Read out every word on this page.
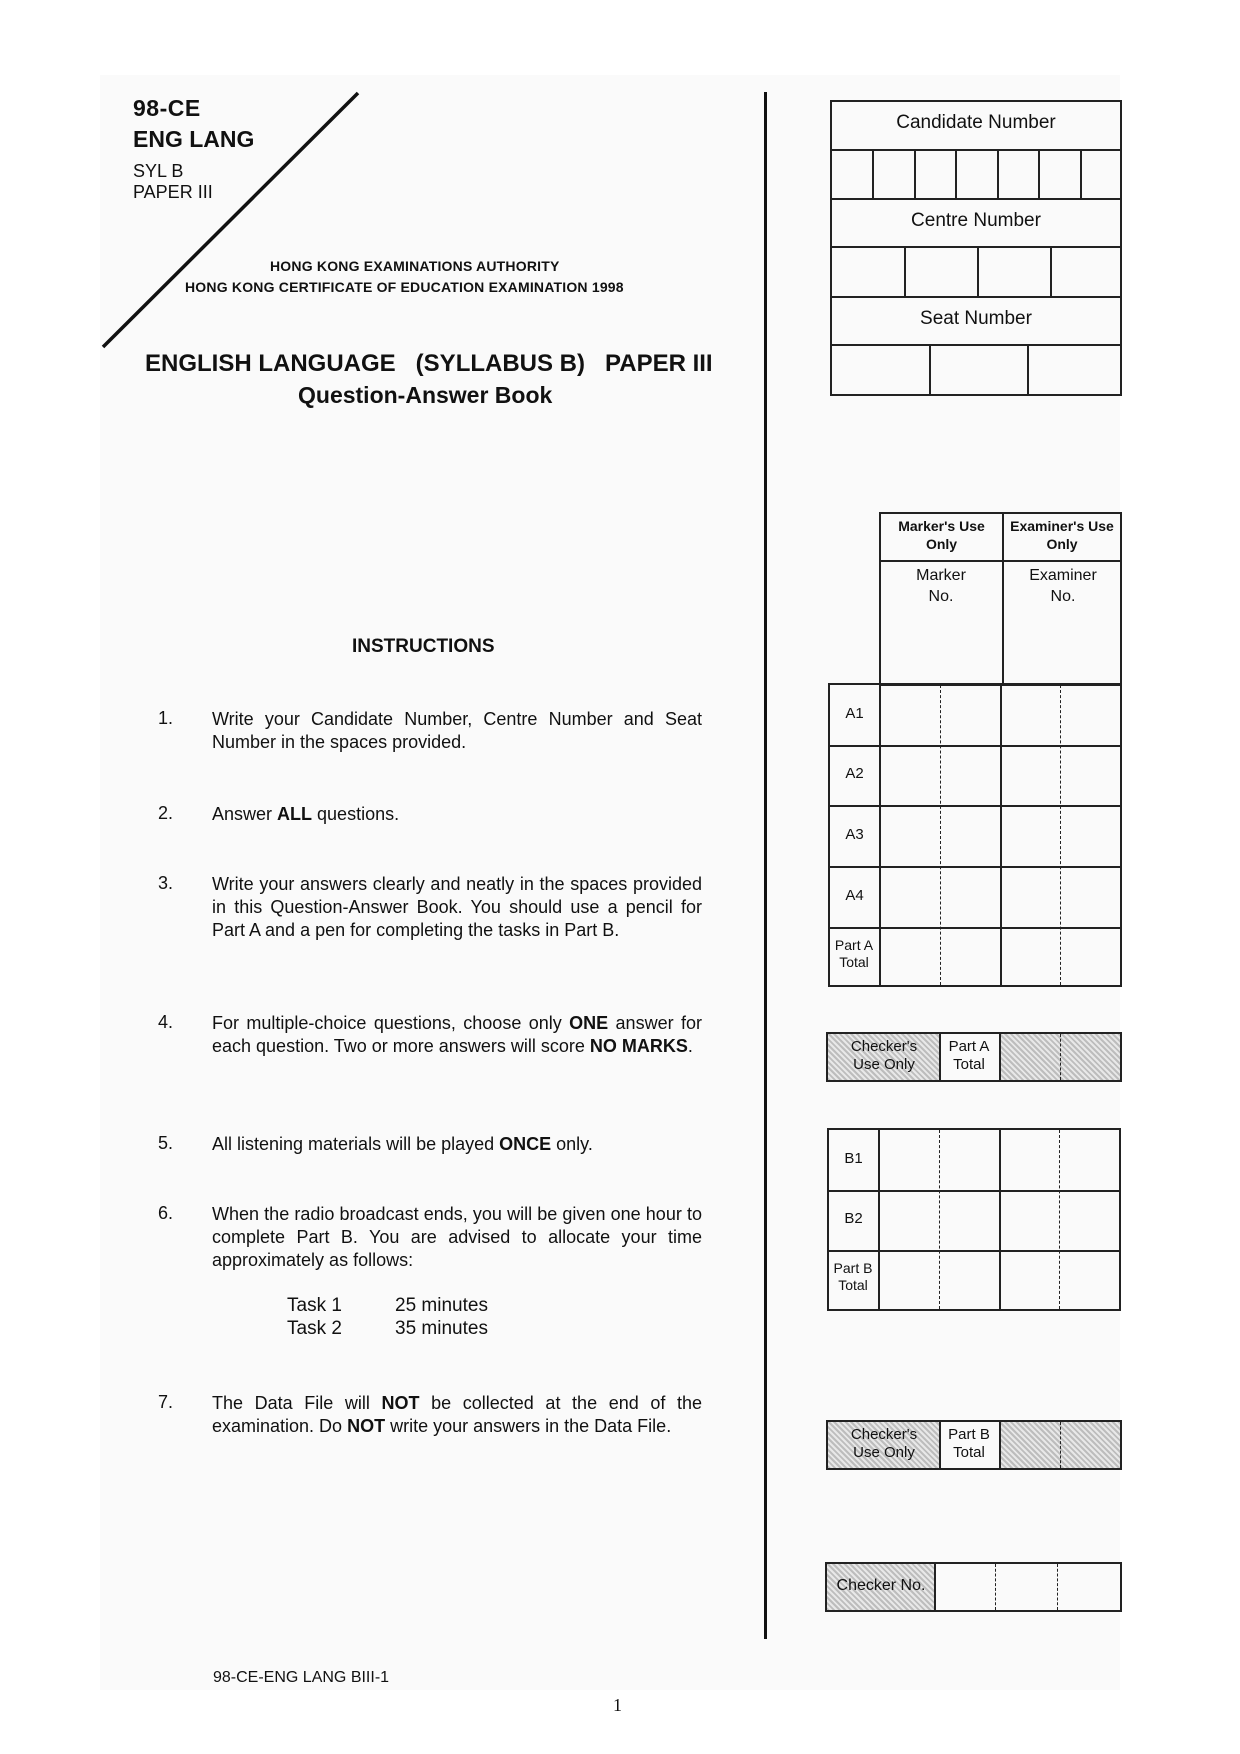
98-CE
ENG LANG
SYL B
PAPER III
HONG KONG EXAMINATIONS AUTHORITY
HONG KONG CERTIFICATE OF EDUCATION EXAMINATION 1998
ENGLISH LANGUAGE   (SYLLABUS B)   PAPER III
Question-Answer Book
INSTRUCTIONS
1. Write your Candidate Number, Centre Number and Seat Number in the spaces provided.
2. Answer ALL questions.
3. Write your answers clearly and neatly in the spaces provided in this Question-Answer Book. You should use a pencil for Part A and a pen for completing the tasks in Part B.
4. For multiple-choice questions, choose only ONE answer for each question. Two or more answers will score NO MARKS.
5. All listening materials will be played ONCE only.
6. When the radio broadcast ends, you will be given one hour to complete Part B. You are advised to allocate your time approximately as follows:
Task 1	25 minutes
Task 2	35 minutes
7. The Data File will NOT be collected at the end of the examination. Do NOT write your answers in the Data File.
98-CE-ENG LANG BIII-1
1
Candidate Number
Centre Number
Seat Number
Marker's Use Only
Examiner's Use Only
Marker No.
Examiner No.
A1
A2
A3
A4
Part A Total
Checker's Use Only
Part A Total
B1
B2
Part B Total
Checker's Use Only
Part B Total
Checker No.
